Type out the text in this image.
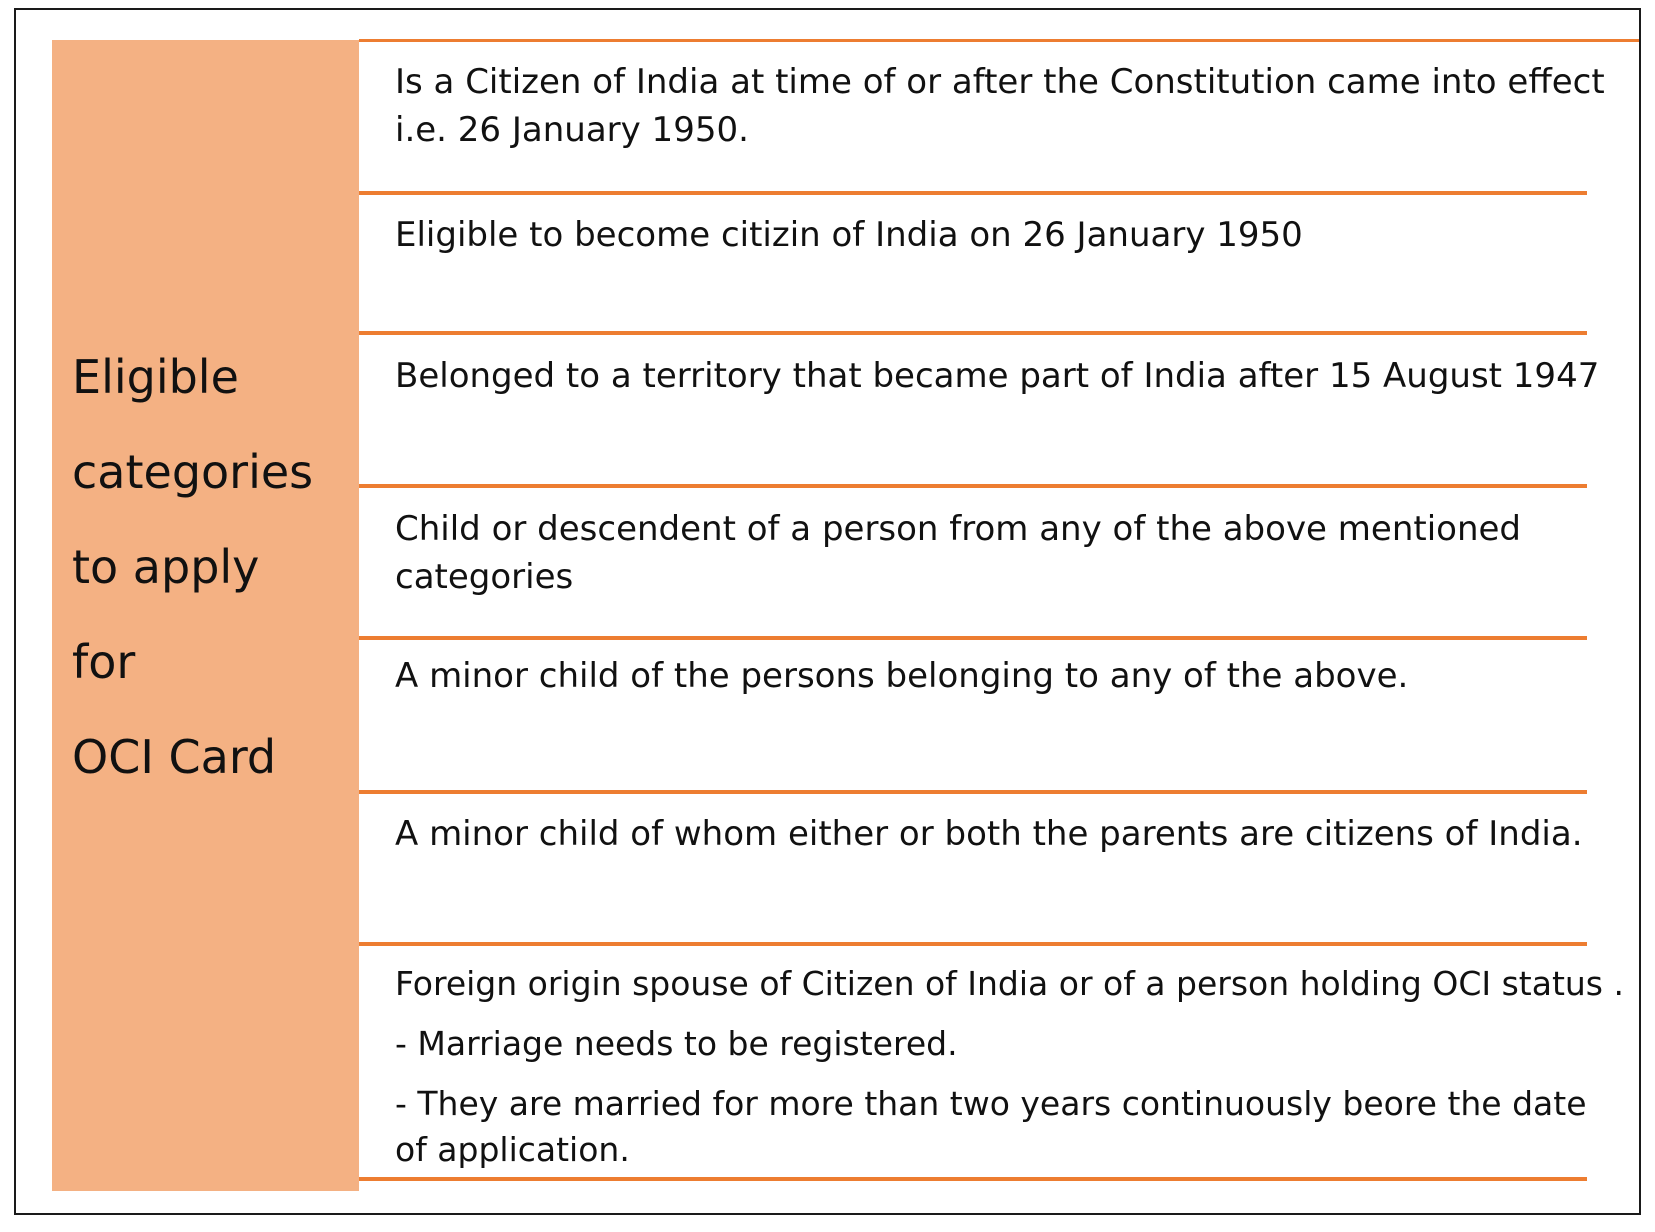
Eligible
categories
to apply
for
OCI Card
Is a Citizen of India at time of or after the Constitution came into effect i.e. 26 January 1950.
Eligible to become citizin of India on 26 January 1950
Belonged to a territory that became part of India after 15 August 1947
Child or descendent of a person from any of the above mentioned categories
A minor child of the persons belonging to any of the above.
A minor child of whom either or both the parents are citizens of India.
Foreign origin spouse of Citizen of India or of a person holding OCI status .
- Marriage needs to be registered.
- They are married for more than two years continuously beore the date of application.
